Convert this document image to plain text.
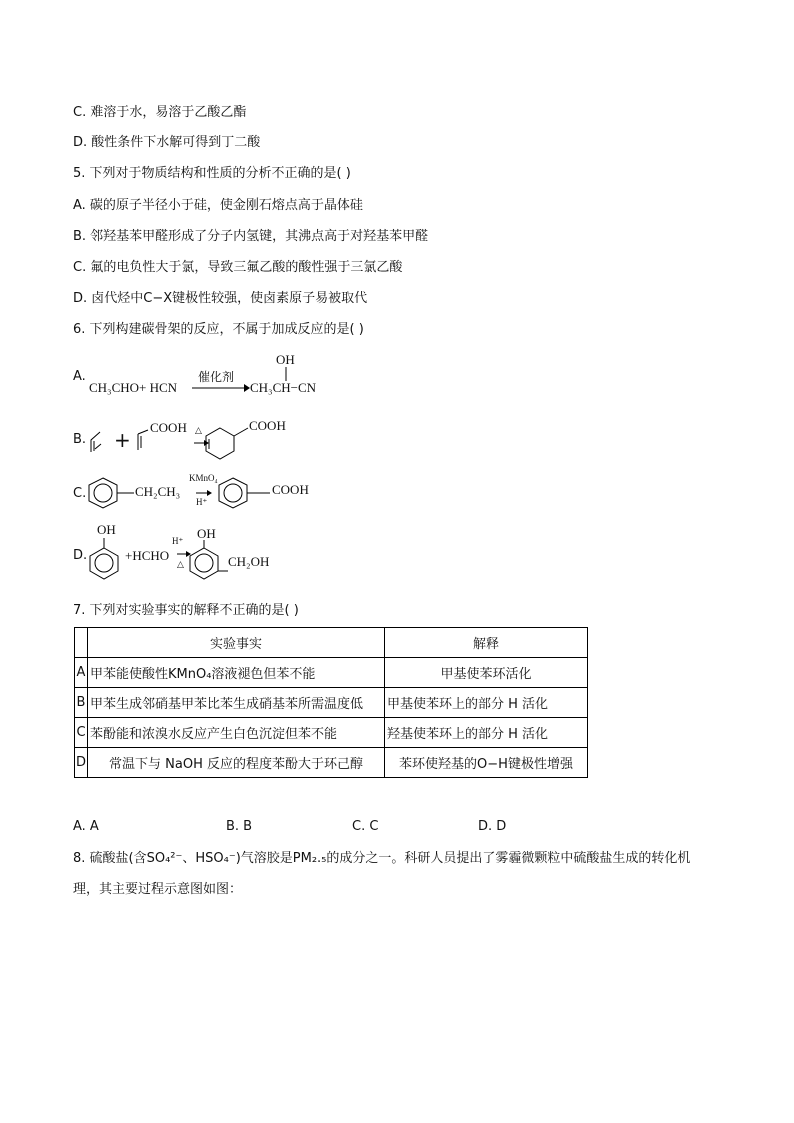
C. 难溶于水，易溶于乙酸乙酯
D. 酸性条件下水解可得到丁二酸
5. 下列对于物质结构和性质的分析不正确的是( )
A. 碳的原子半径小于硅，使金刚石熔点高于晶体硅
B. 邻羟基苯甲醛形成了分子内氢键，其沸点高于对羟基苯甲醛
C. 氟的电负性大于氯，导致三氟乙酸的酸性强于三氯乙酸
D. 卤代烃中C−X键极性较强，使卤素原子易被取代
6. 下列构建碳骨架的反应，不属于加成反应的是( )
A.
CH₃CHO+ HCN
催化剂
OH
CH₃CH−CN
B. +
COOH △	COOH
C.	CH₂CH₃
KMnO₄
H⁺
COOH
D.
OH
+HCHO
H⁺
△
OH
CH₂OH
7. 下列对实验事实的解释不正确的是( )
	实验事实	解释
A	甲苯能使酸性KMnO₄溶液褪色但苯不能	甲基使苯环活化
B	甲苯生成邻硝基甲苯比苯生成硝基苯所需温度低	甲基使苯环上的部分 H 活化
C	苯酚能和浓溴水反应产生白色沉淀但苯不能	羟基使苯环上的部分 H 活化
D	常温下与 NaOH 反应的程度苯酚大于环己醇	苯环使羟基的O−H键极性增强
A. A	B. B	C. C	D. D
8. 硫酸盐(含SO₄²⁻、HSO₄⁻)气溶胶是PM₂.₅的成分之一。科研人员提出了雾霾微颗粒中硫酸盐生成的转化机
理，其主要过程示意图如图：
